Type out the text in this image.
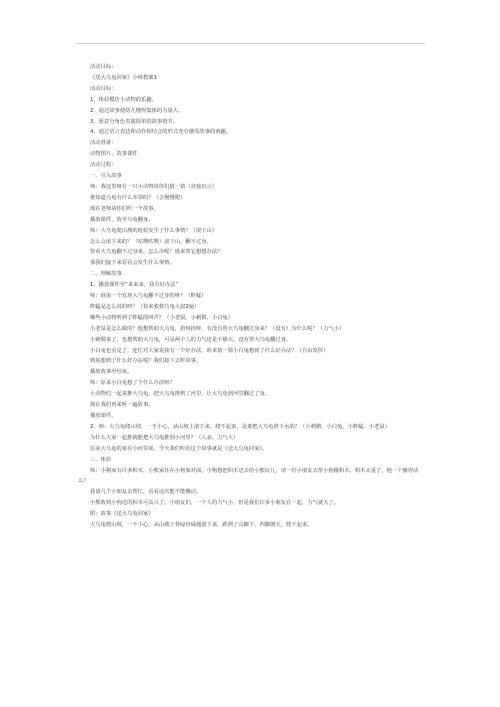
活动目标：
《送大乌龟回家》小班教案1
活动目标：
1、体验模仿小动物的乐趣。
2、通过故事使幼儿懂得集体的力量大。
3、愿意分角色表演简单的故事情节。
4、通过语言表达和动作相结合的形式充分感受故事的童趣。
活动准备：
动物图片，故事课件
活动过程：
一、引入故事
师：我这里呀有一只小动物请你们猜一猜（直接出示）
谁知道乌龟有什么本领吗？（会慢慢爬）
现在老师请你们听一个故事。
播放课件，放至乌龟翻身。
师：大乌龟爬山坡的时候发生了什么事情？（滚下山）
怎么会滚下来的？（咕噜咕噜）滚下山，翻不过身。
你看大乌龟翻不过身来，怎么办呢？谁来帮它想想办法？
那我们接下来看看会发生什么事情。
二、理解故事
1、播放课件至“来来来，我有好办法”
师：谁第一个发现大乌龟翻不过身的呀？（蚱蜢）
蚱蜢是怎么说的呀？（快来救救乌龟大叔2遍）
哪些小动物听到了蚱蜢的叫声？（小老鼠、小刺猬、小白兔）
小老鼠是怎么做的？他想帮助大乌龟，抬呀抬呀，有没有帮大乌龟翻过身来？（没有）为什么呢？（力气小）
小刺猬来了，也想帮助大乌龟，可是两个人的力气还是不够大，没有帮大乌龟翻过身。
小白兔也看见了，连忙对大家说我有一个好办法，谁来猜一猜小白兔想到了什么好办法？（自由发挥）
到底想到了什么好办法呢？我们接下去听故事。
播放故事至结束。
师：原来小白兔想了个什么办法呀？
小动物们一起来推大乌龟，把大乌龟推到了河里，让大乌龟到河里翻过了身。
现在我们再来听一遍故事。
播放课件。
2、师：大乌龟爬山坡，一不小心，从山坡上滚下来，爬不起来，是谁把大乌龟推下水的？（小刺猬、小白兔、小蚱蜢、小老鼠）
为什么大家一起推就能把大乌龟推到小河里？（人多，力气大）
原来大乌龟的家在小河里面，今天我们听的这个故事就是《送大乌龟回家》。
三、体验
师：小狗家有许多积木，小熊家住在小狗家对面，小狗想把积木送去给小熊玩儿，请一位小朋友去帮小狗搬积木。积木太重了，他一个搬得动么？
我请几个小朋友去帮忙，看看这次能不能搬动。
小熊收到小狗送的积木可高兴了，小朋友们，一个人的力气小，但是我们许多小朋友在一起，力气就大了。
附：故事《送大乌龟回家》
大乌龟爬山坡，一不小心，从山坡上骨碌骨碌地滚下来，跌到了山脚下，四脚朝天，爬不起来。
